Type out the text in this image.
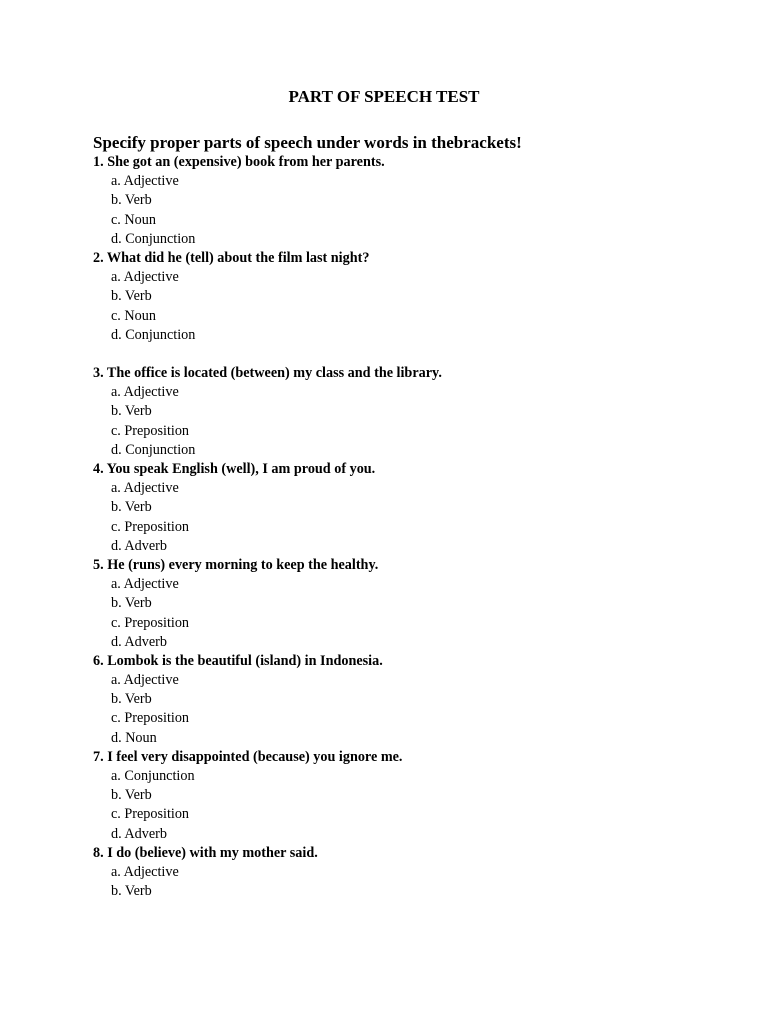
PART OF SPEECH TEST
Specify proper parts of speech under words in thebrackets!
1. She got an (expensive) book from her parents.
a. Adjective
b. Verb
c. Noun
d. Conjunction
2. What did he (tell) about the film last night?
a. Adjective
b. Verb
c. Noun
d. Conjunction
3. The office is located (between) my class and the library.
a. Adjective
b. Verb
c. Preposition
d. Conjunction
4. You speak English (well), I am proud of you.
a. Adjective
b. Verb
c. Preposition
d. Adverb
5. He (runs) every morning to keep the healthy.
a. Adjective
b. Verb
c. Preposition
d. Adverb
6. Lombok is the beautiful (island) in Indonesia.
a. Adjective
b. Verb
c. Preposition
d. Noun
7. I feel very disappointed (because) you ignore me.
a. Conjunction
b. Verb
c. Preposition
d. Adverb
8. I do (believe) with my mother said.
a. Adjective
b. Verb
